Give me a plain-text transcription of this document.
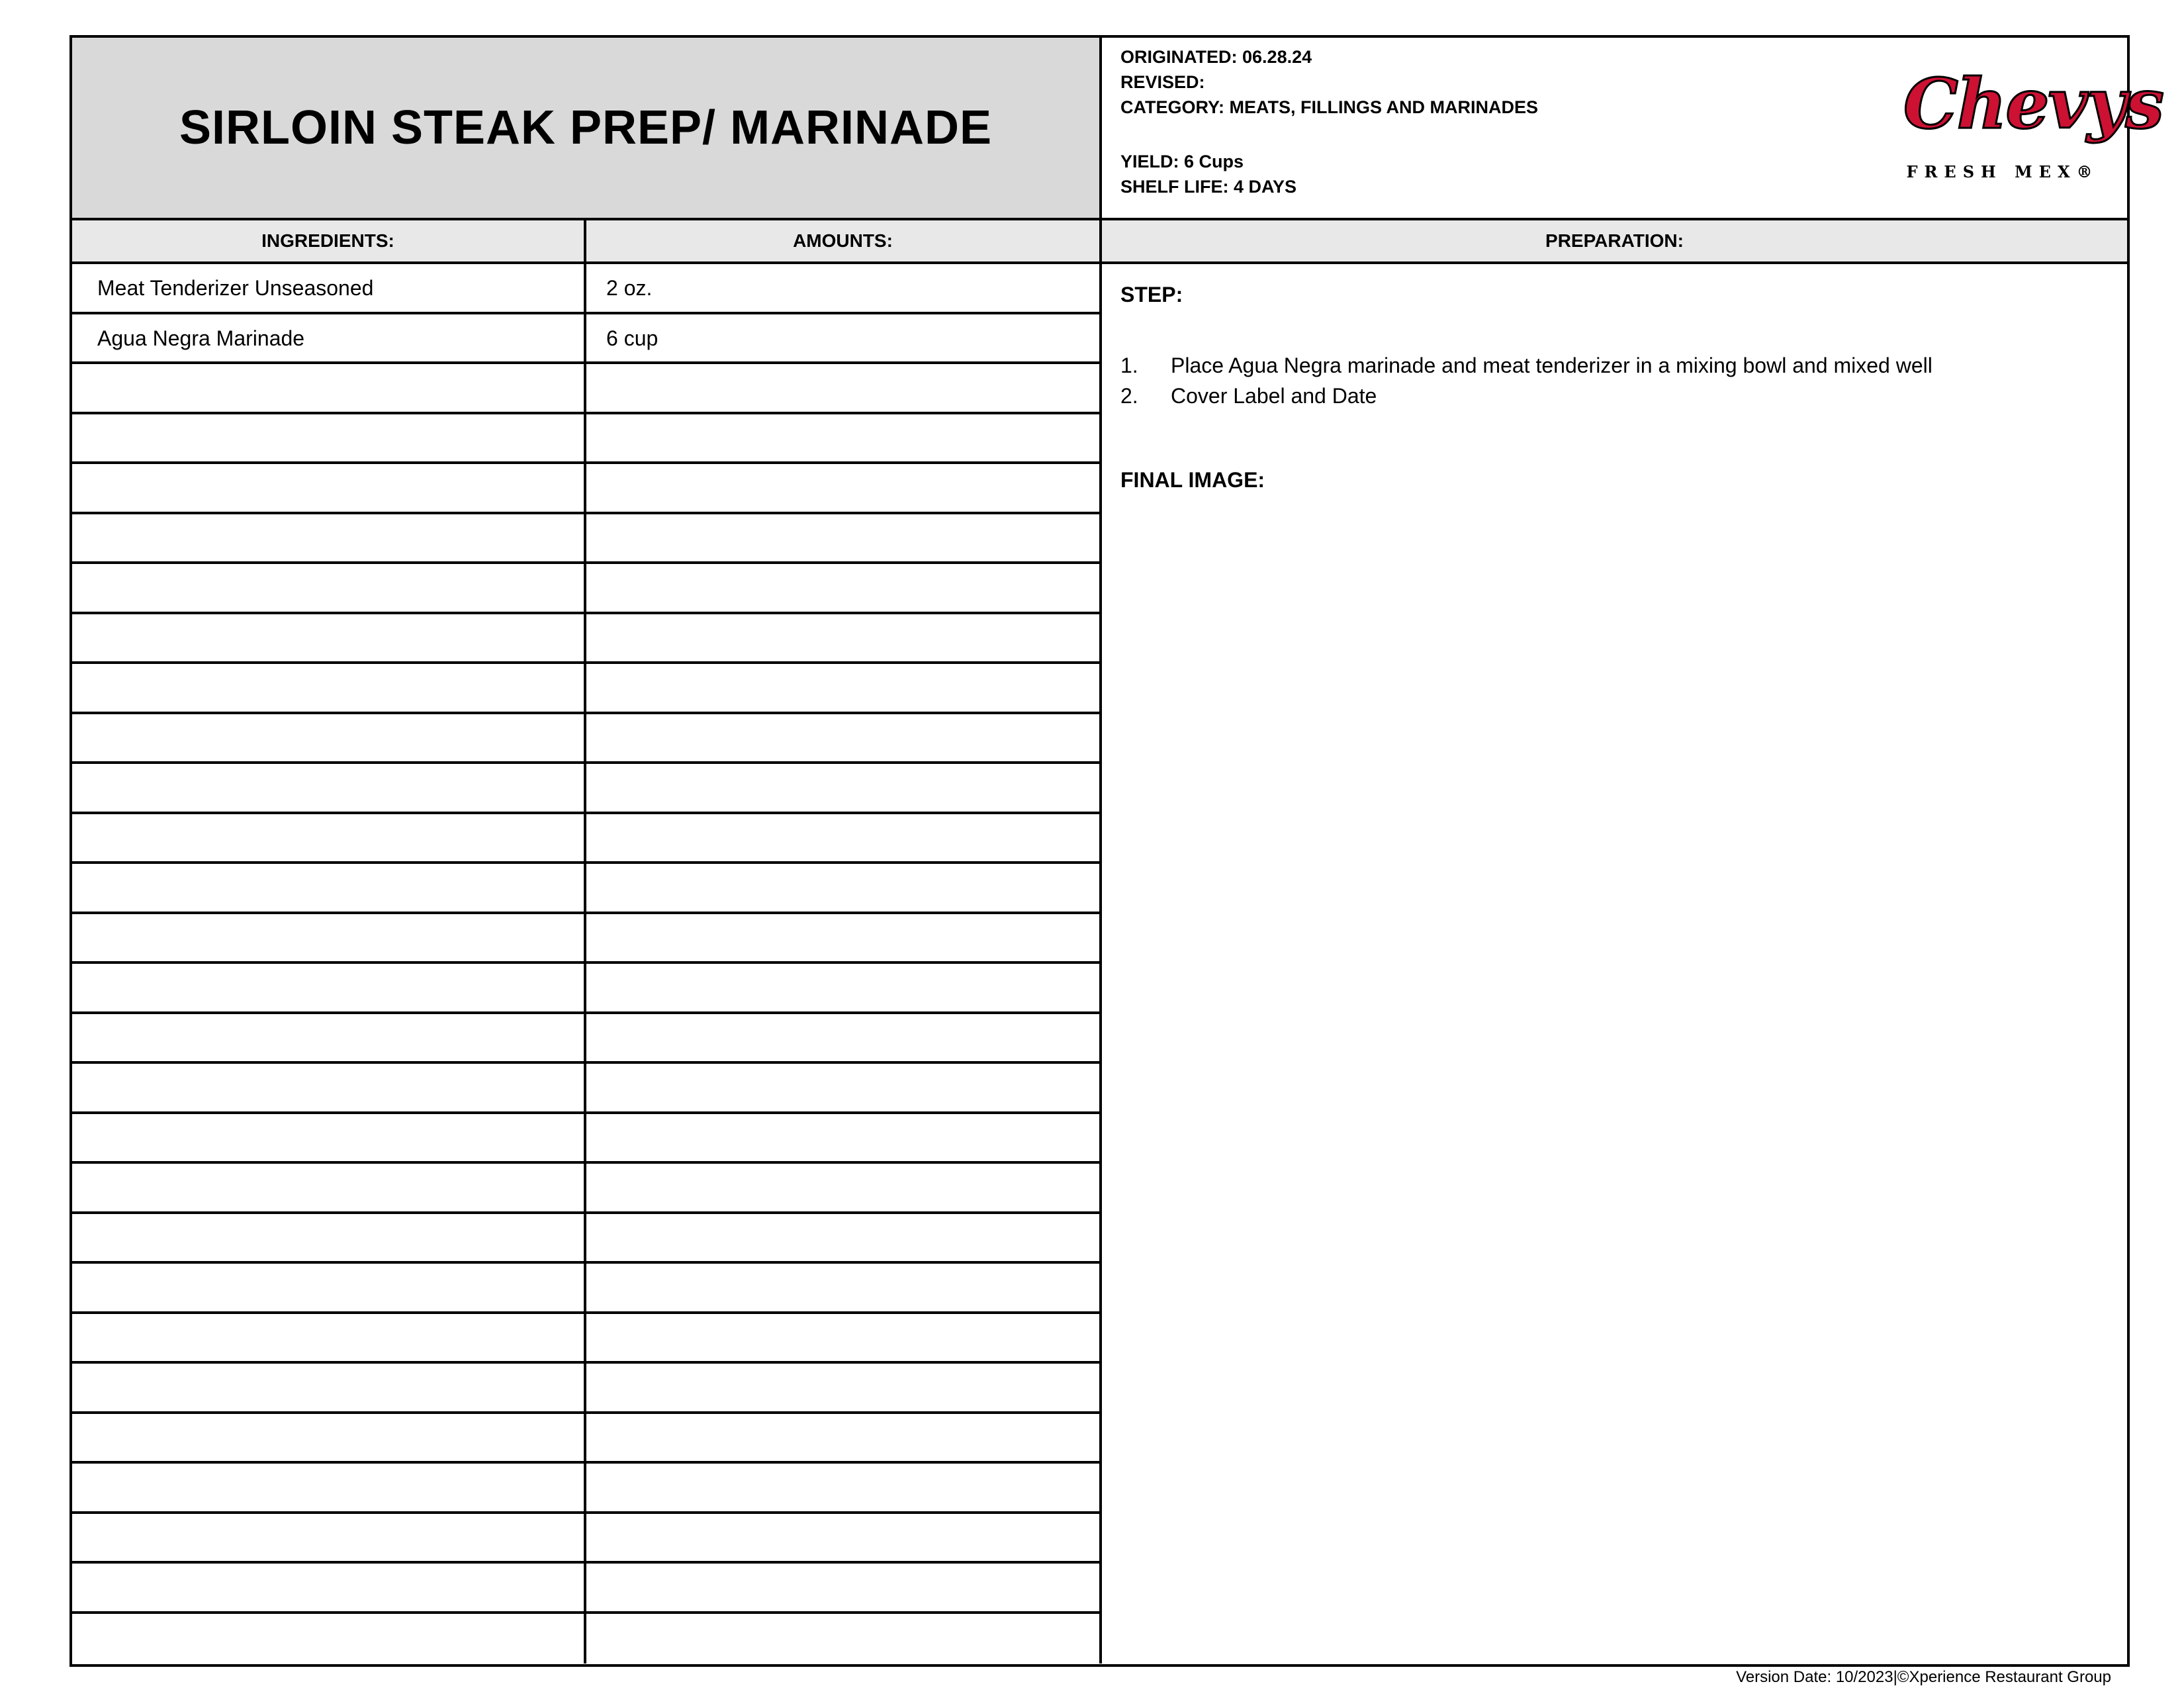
SIRLOIN STEAK PREP/ MARINADE
ORIGINATED: 06.28.24
REVISED:
CATEGORY: MEATS, FILLINGS AND MARINADES
YIELD: 6 Cups
SHELF LIFE: 4 DAYS
Chevys
FRESH MEX®
INGREDIENTS:	AMOUNTS:	PREPARATION:
Meat Tenderizer Unseasoned	2 oz.
Agua Negra Marinade	6 cup
STEP:
1. Place Agua Negra marinade and meat tenderizer in a mixing bowl and mixed well
2. Cover Label and Date
FINAL IMAGE:
Version Date: 10/2023|©Xperience Restaurant Group
